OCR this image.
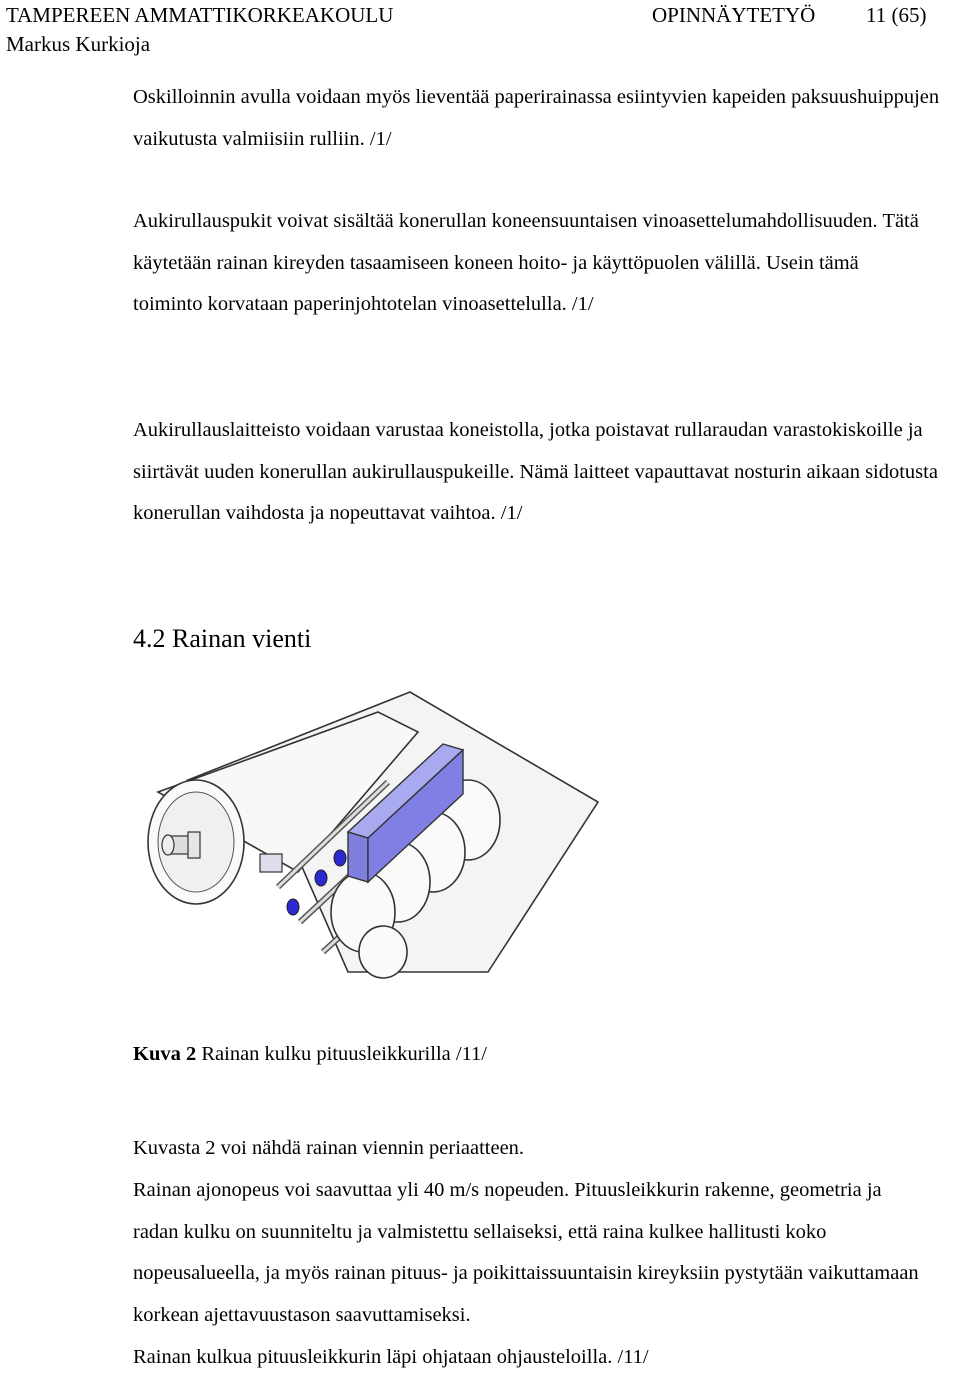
TAMPEREEN AMMATTIKORKEAKOULU	OPINNÄYTETYÖ 11 (65)
Markus Kurkioja

Oskilloinnin avulla voidaan myös lieventää paperirainassa esiintyvien kapeiden paksuushuippujen vaikutusta valmiisiin rulliin. /1/

Aukirullauspukit voivat sisältää konerullan koneensuuntaisen vinoasettelumahdollisuuden. Tätä käytetään rainan kireyden tasaamiseen koneen hoito- ja käyttöpuolen välillä. Usein tämä toiminto korvataan paperinjohtotelan vinoasettelulla. /1/

Aukirullauslaitteisto voidaan varustaa koneistolla, jotka poistavat rullaraudan varastokiskoille ja siirtävät uuden konerullan aukirullauspukeille. Nämä laitteet vapauttavat nosturin aikaan sidotusta konerullan vaihdosta ja nopeuttavat vaihtoa. /1/

4.2 Rainan vienti
Kuva 2 Rainan kulku pituusleikkurilla /11/

Kuvasta 2 voi nähdä rainan viennin periaatteen.

Rainan ajonopeus voi saavuttaa yli 40 m/s nopeuden. Pituusleikkurin rakenne, geometria ja radan kulku on suunniteltu ja valmistettu sellaiseksi, että raina kulkee hallitusti koko nopeusalueella, ja myös rainan pituus- ja poikittaissuuntaisin kireyksiin pystytään vaikuttamaan korkean ajettavuustason saavuttamiseksi.

Rainan kulkua pituusleikkurin läpi ohjataan ohjausteloilla. /11/
